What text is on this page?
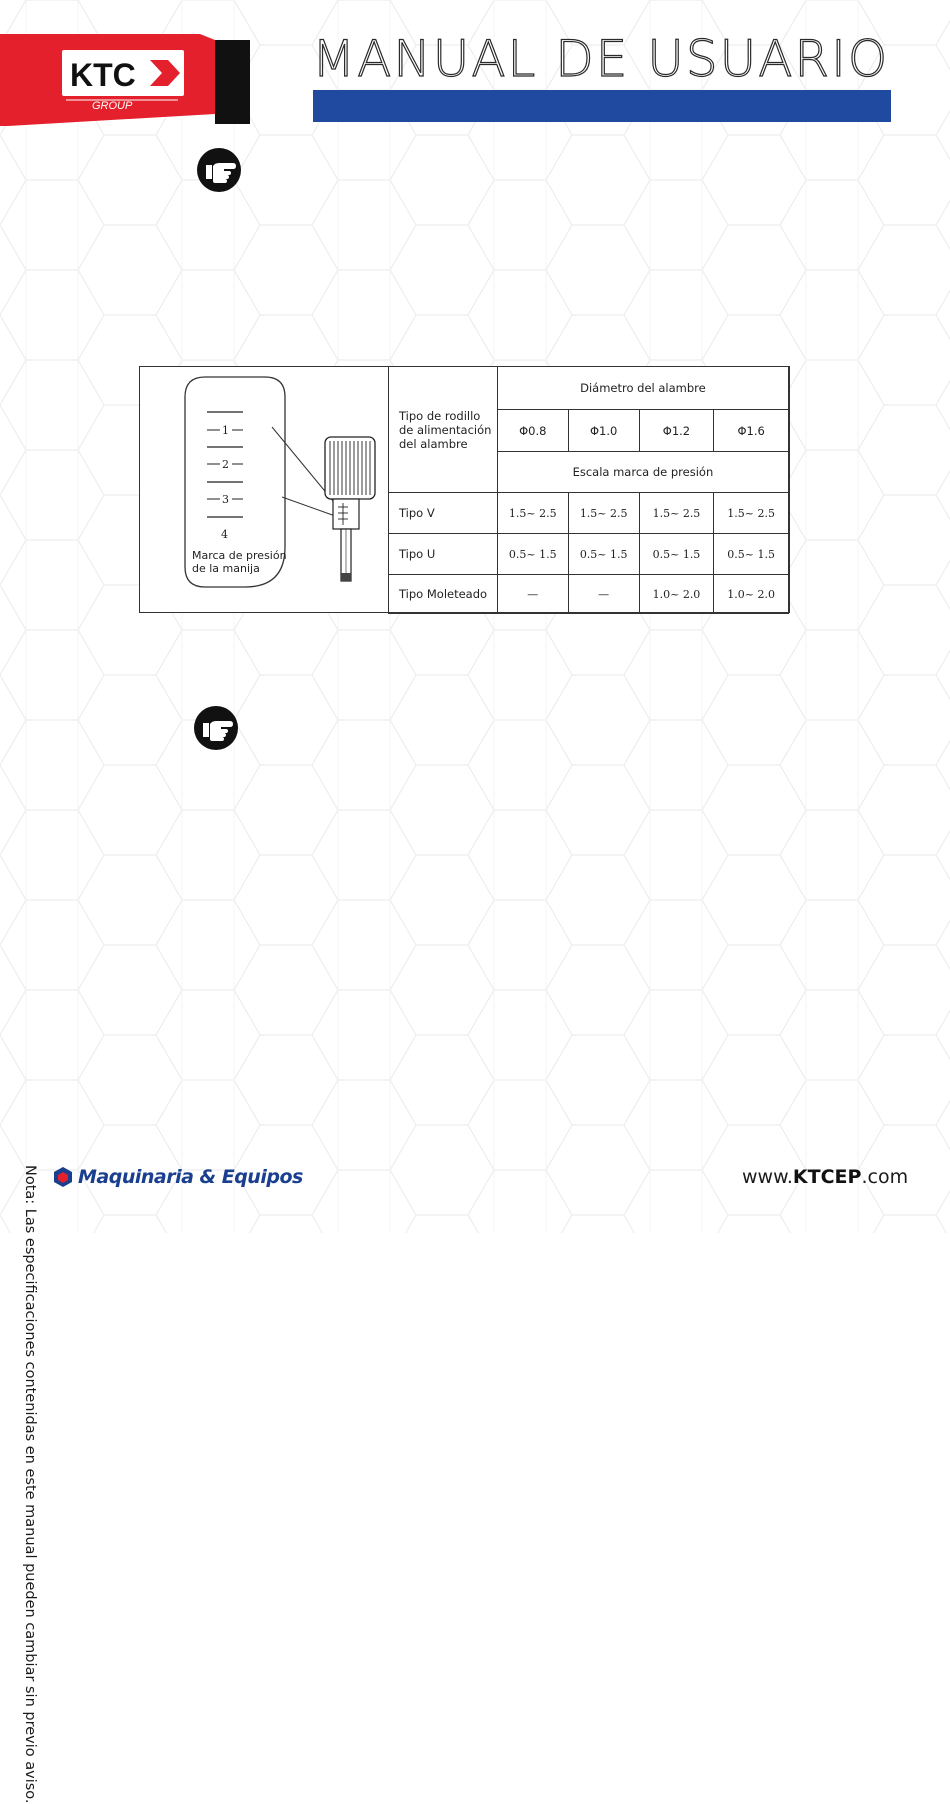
KTC
GROUP
MANUAL DE USUARIO
1
2
3
4
Marca de presión
de la manija
Tipo de rodillo de alimentación del alambre	Diámetro del alambre			
	Φ0.8	Φ1.0	Φ1.2	Φ1.6
	Escala marca de presión			
Tipo V	1.5~ 2.5	1.5~ 2.5	1.5~ 2.5	1.5~ 2.5
Tipo U	0.5~ 1.5	0.5~ 1.5	0.5~ 1.5	0.5~ 1.5
Tipo Moleteado	—	—	1.0~ 2.0	1.0~ 2.0
Nota: Las especificaciones contenidas en este manual pueden cambiar sin previo aviso. Maquinaria & Equipos	www.KTCEP.com
